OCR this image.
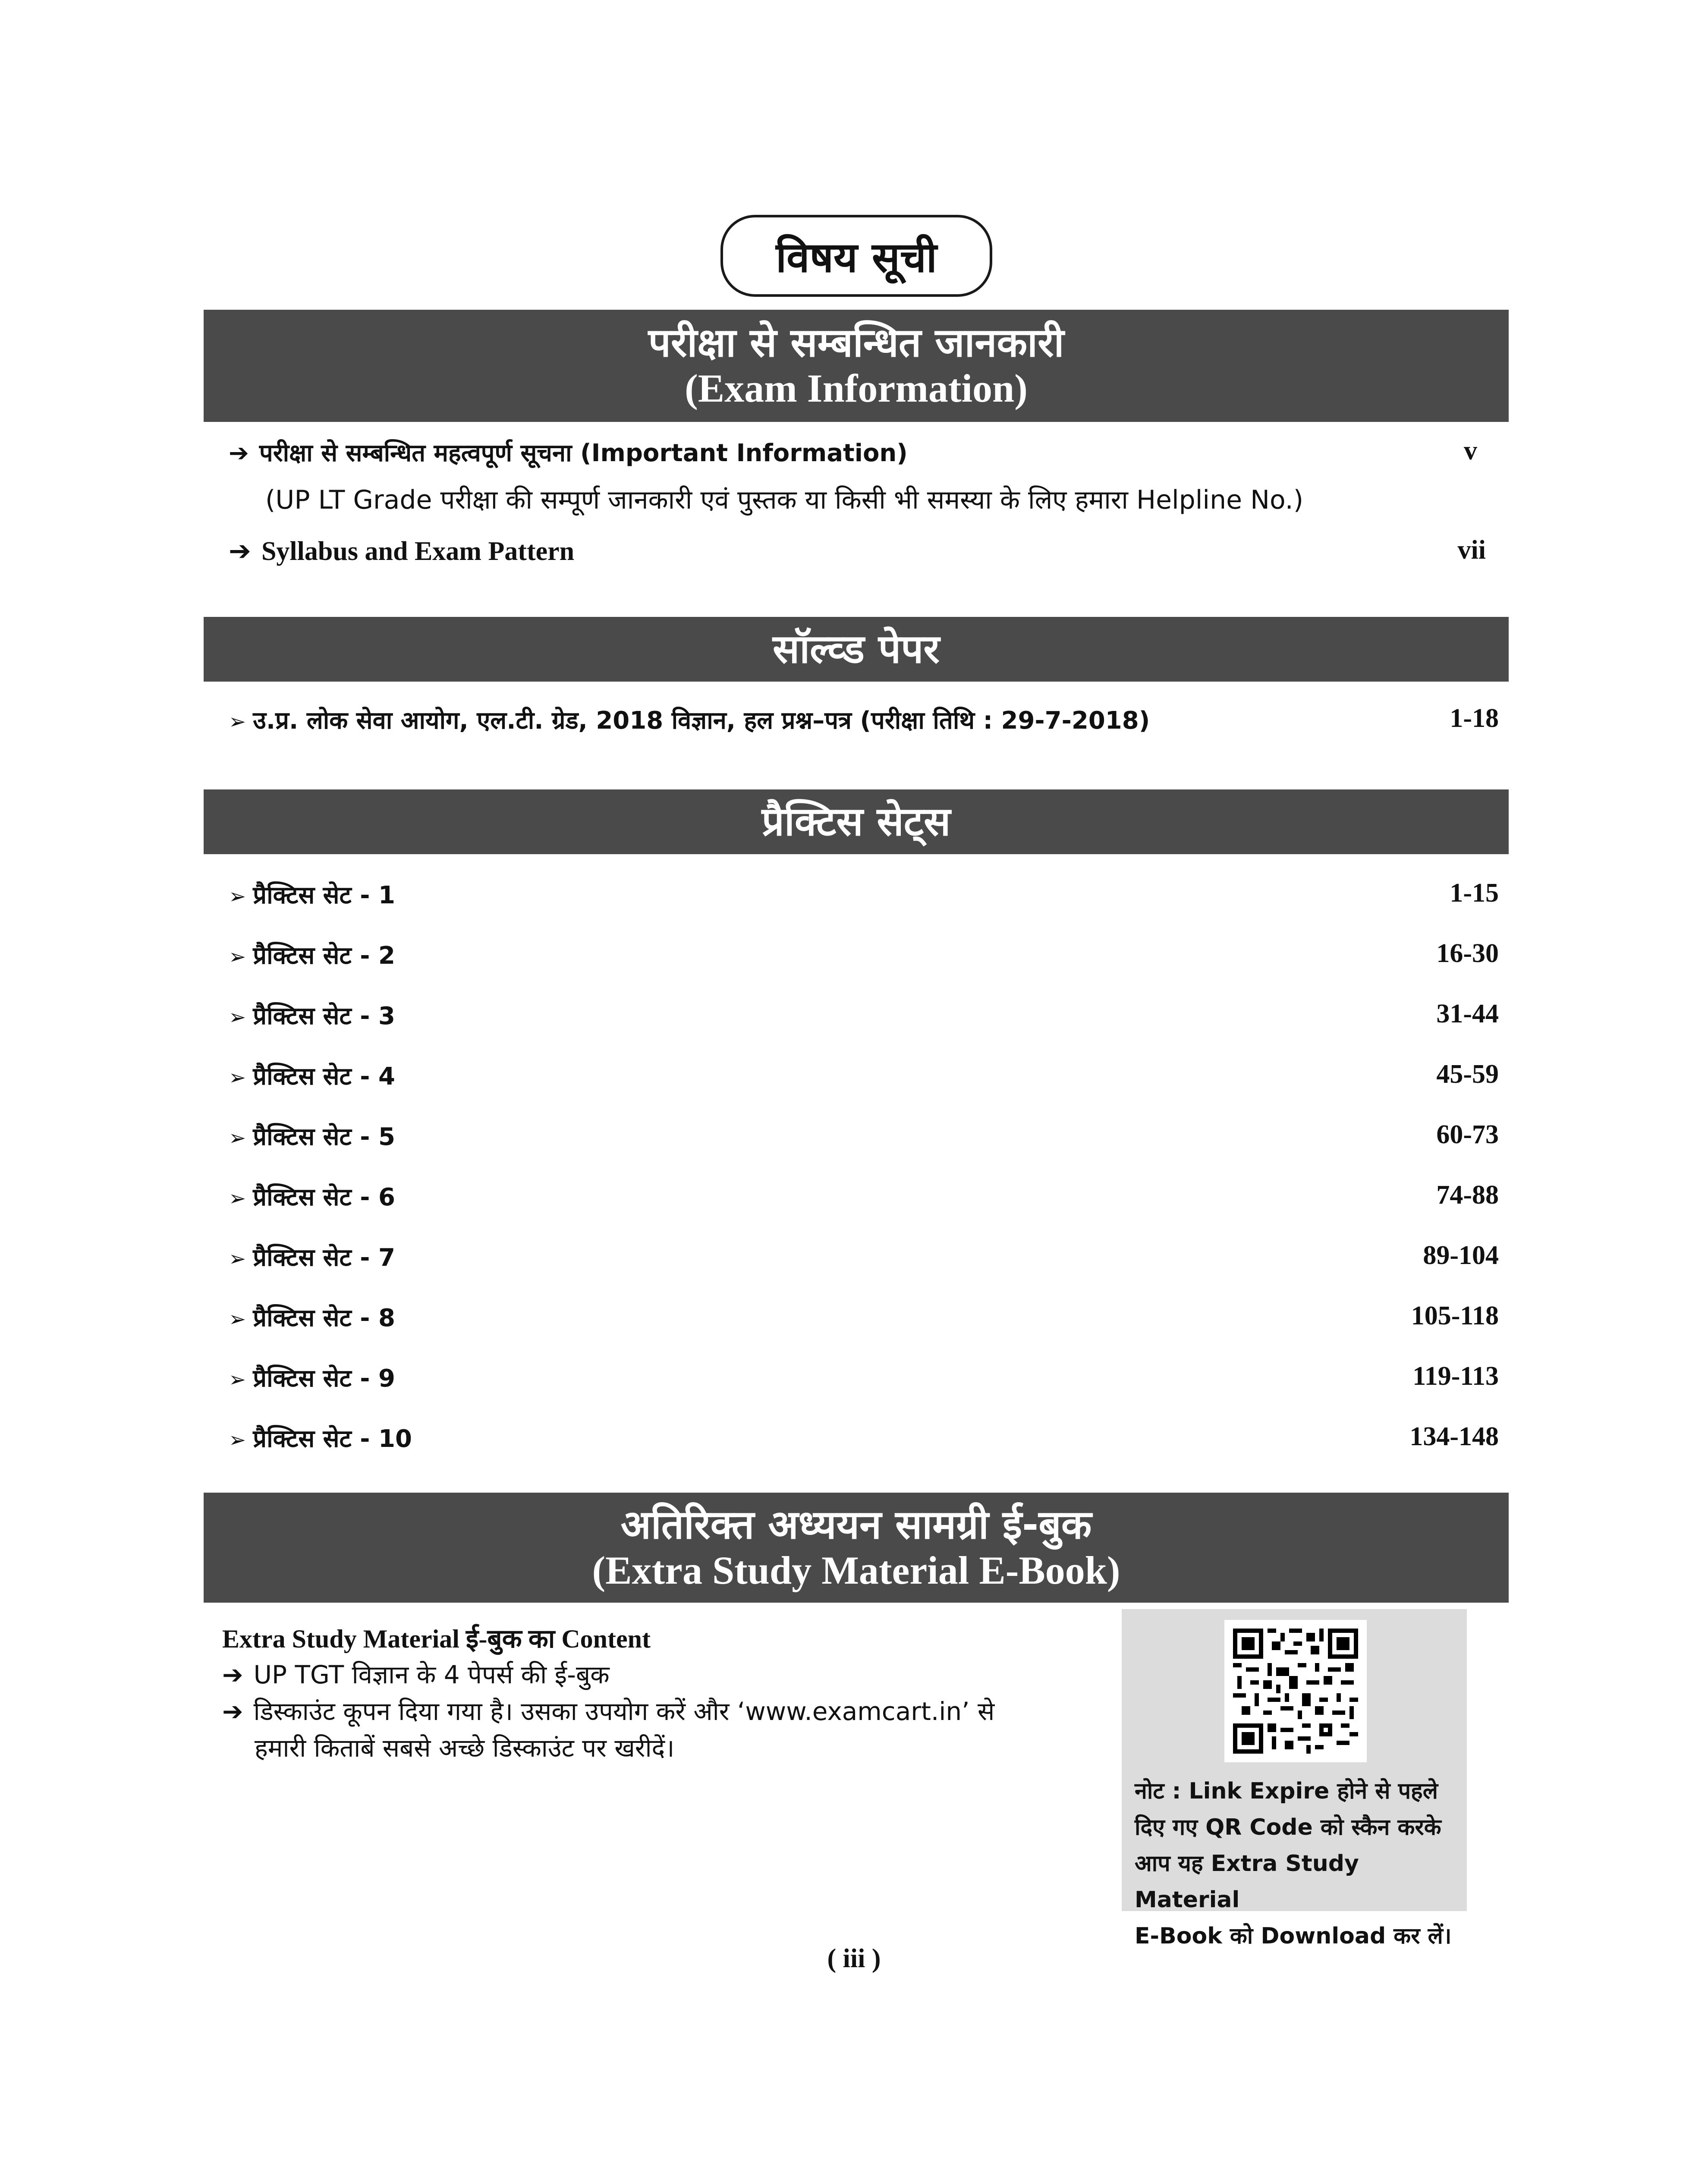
विषय सूची
परीक्षा से सम्बन्धित जानकारी
(Exam Information)
➔ परीक्षा से सम्बन्धित महत्वपूर्ण सूचना (Important Information)	v
(UP LT Grade परीक्षा की सम्पूर्ण जानकारी एवं पुस्तक या किसी भी समस्या के लिए हमारा Helpline No.)
➔ Syllabus and Exam Pattern	vii
सॉल्व्ड पेपर
➢ उ.प्र. लोक सेवा आयोग, एल.टी. ग्रेड, 2018 विज्ञान, हल प्रश्न–पत्र (परीक्षा तिथि : 29-7-2018)	1-18
प्रैक्टिस सेट्स
➢ प्रैक्टिस सेट - 1	1-15
➢ प्रैक्टिस सेट - 2	16-30
➢ प्रैक्टिस सेट - 3	31-44
➢ प्रैक्टिस सेट - 4	45-59
➢ प्रैक्टिस सेट - 5	60-73
➢ प्रैक्टिस सेट - 6	74-88
➢ प्रैक्टिस सेट - 7	89-104
➢ प्रैक्टिस सेट - 8	105-118
➢ प्रैक्टिस सेट - 9	119-113
➢ प्रैक्टिस सेट - 10	134-148
अतिरिक्त अध्ययन सामग्री ई-बुक
(Extra Study Material E-Book)
Extra Study Material ई-बुक का Content
➔ UP TGT विज्ञान के 4 पेपर्स की ई-बुक
➔ डिस्काउंट कूपन दिया गया है। उसका उपयोग करें और ‘www.examcart.in’ से
हमारी किताबें सबसे अच्छे डिस्काउंट पर खरीदें।
नोट : Link Expire होने से पहले
दिए गए QR Code को स्कैन करके
आप यह Extra Study Material
E-Book को Download कर लें।
( iii )
